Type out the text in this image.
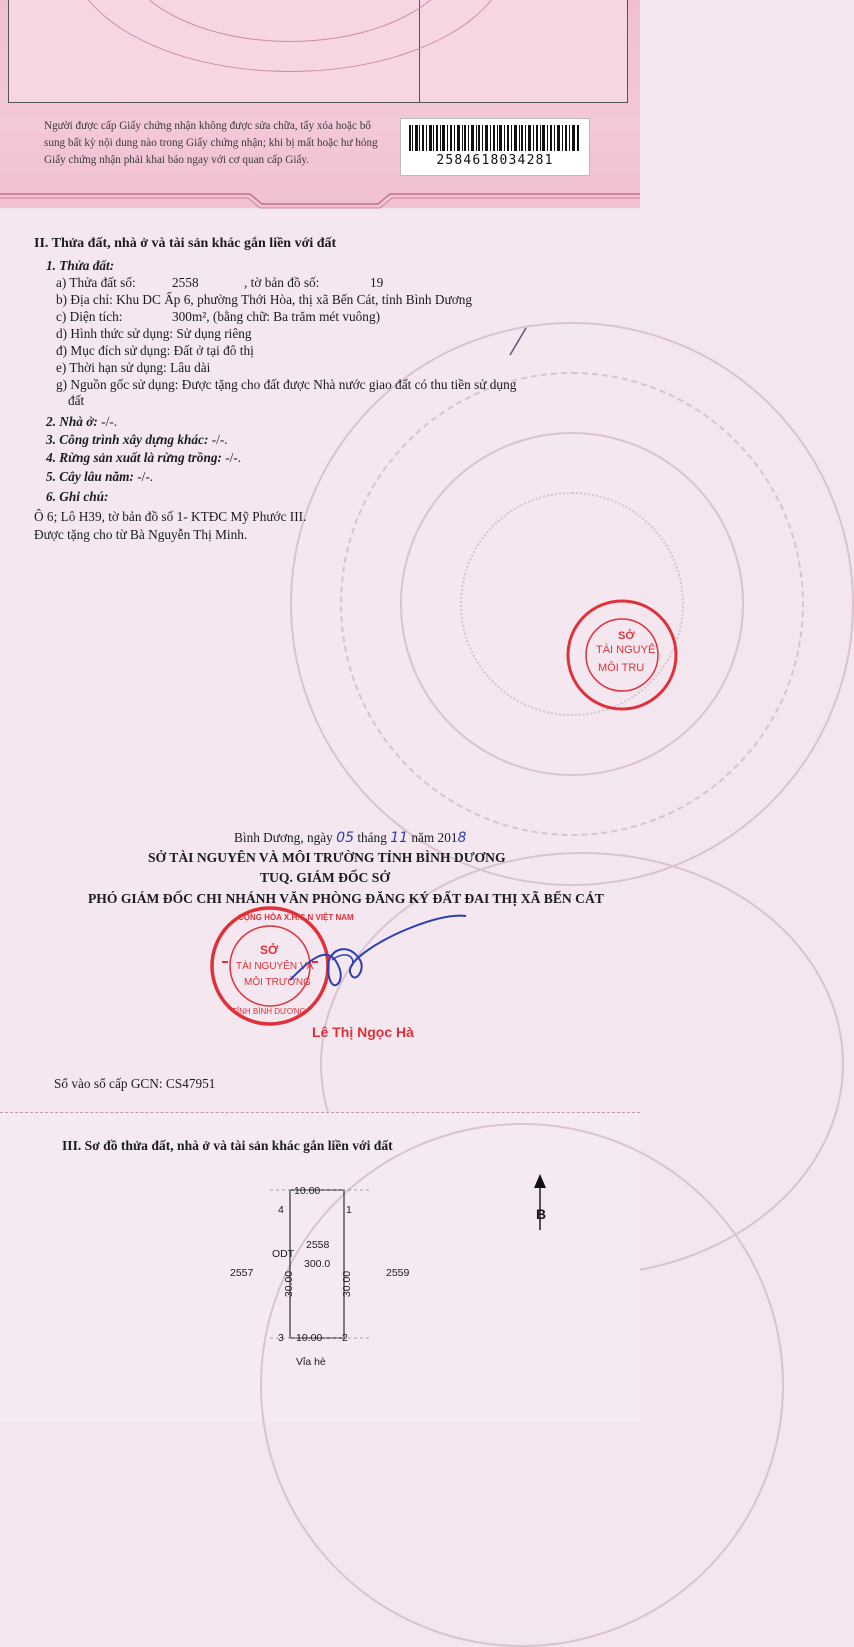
Người được cấp Giấy chứng nhận không được sửa chữa, tẩy xóa hoặc bổ sung bất kỳ nội dung nào trong Giấy chứng nhận; khi bị mất hoặc hư hỏng Giấy chứng nhận phải khai báo ngay với cơ quan cấp Giấy.	2584618034281
II. Thửa đất, nhà ở và tài sản khác gắn liền với đất
1. Thửa đất:
a) Thửa đất số:	2558	, tờ bản đồ số:	19
b) Địa chỉ: Khu DC Ấp 6, phường Thới Hòa, thị xã Bến Cát, tỉnh Bình Dương
c) Diện tích:	300m², (bằng chữ: Ba trăm mét vuông)
d) Hình thức sử dụng: Sử dụng riêng
đ) Mục đích sử dụng: Đất ở tại đô thị
e) Thời hạn sử dụng: Lâu dài
g) Nguồn gốc sử dụng: Được tặng cho đất được Nhà nước giao đất có thu tiền sử dụng
đất
2. Nhà ở: -/-.
3. Công trình xây dựng khác: -/-.
4. Rừng sản xuất là rừng trồng: -/-.
5. Cây lâu năm: -/-.
6. Ghi chú:
Ô 6; Lô H39, tờ bản đồ số 1- KTĐC Mỹ Phước III.
Được tặng cho từ Bà Nguyễn Thị Minh.
SỞ
TÀI NGUYÊ
MÔI TRU
Bình Dương, ngày 05 tháng 11 năm 2018
SỞ TÀI NGUYÊN VÀ MÔI TRƯỜNG TỈNH BÌNH DƯƠNG
TUQ. GIÁM ĐỐC SỞ
PHÓ GIÁM ĐỐC CHI NHÁNH VĂN PHÒNG ĐĂNG KÝ ĐẤT ĐAI THỊ XÃ BẾN CÁT
CỘNG HÒA X.H.C.N VIỆT NAM
SỞ
TÀI NGUYÊN VÀ
MÔI TRƯỜNG
TỈNH BÌNH DƯƠNG
Lê Thị Ngọc Hà
Sổ vào sổ cấp GCN: CS47951
III. Sơ đồ thửa đất, nhà ở và tài sản khác gắn liền với đất
10.00
4	1
2558
ODT
300.0
2557	2559
30.00	30.00
3 10.00 2
Vỉa hè
B
